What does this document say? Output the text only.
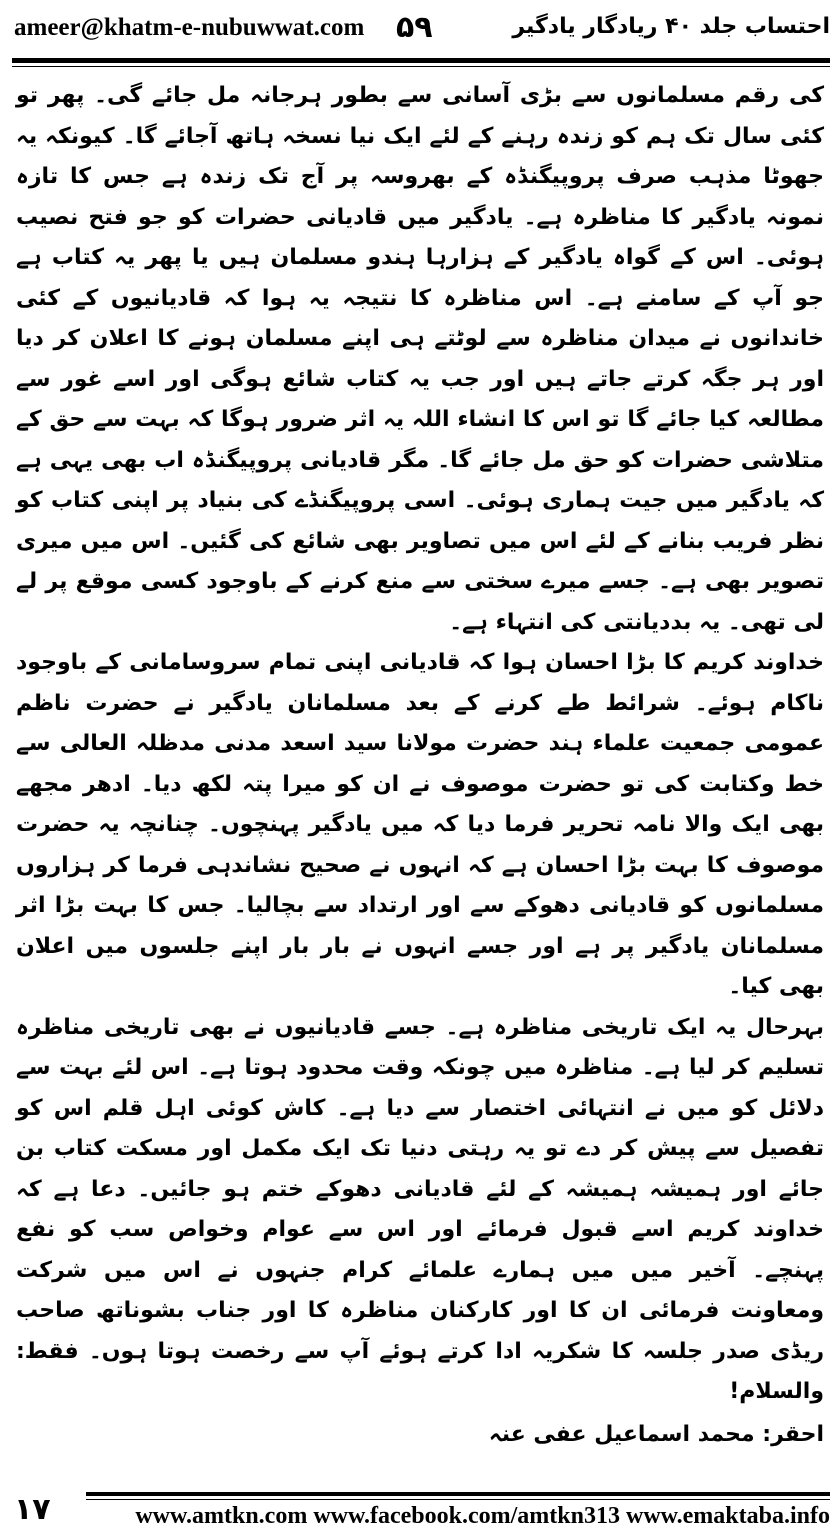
ameer@khatm-e-nubuwwat.com ۵۹	احتساب جلد ۴۰ ریادگار یادگیر

کی رقم مسلمانوں سے بڑی آسانی سے بطور ہرجانہ مل جائے گی۔ پھر تو کئی سال تک ہم کو زندہ رہنے کے لئے ایک نیا نسخہ ہاتھ آجائے گا۔ کیونکہ یہ جھوٹا مذہب صرف پروپیگنڈہ کے بھروسہ پر آج تک زندہ ہے جس کا تازہ نمونہ یادگیر کا مناظرہ ہے۔ یادگیر میں قادیانی حضرات کو جو فتح نصیب ہوئی۔ اس کے گواہ یادگیر کے ہزارہا ہندو مسلمان ہیں یا پھر یہ کتاب ہے جو آپ کے سامنے ہے۔ اس مناظرہ کا نتیجہ یہ ہوا کہ قادیانیوں کے کئی خاندانوں نے میدان مناظرہ سے لوٹتے ہی اپنے مسلمان ہونے کا اعلان کر دیا اور ہر جگہ کرتے جاتے ہیں اور جب یہ کتاب شائع ہوگی اور اسے غور سے مطالعہ کیا جائے گا تو اس کا انشاء اللہ یہ اثر ضرور ہوگا کہ بہت سے حق کے متلاشی حضرات کو حق مل جائے گا۔ مگر قادیانی پروپیگنڈہ اب بھی یہی ہے کہ یادگیر میں جیت ہماری ہوئی۔ اسی پروپیگنڈے کی بنیاد پر اپنی کتاب کو نظر فریب بنانے کے لئے اس میں تصاویر بھی شائع کی گئیں۔ اس میں میری تصویر بھی ہے۔ جسے میرے سختی سے منع کرنے کے باوجود کسی موقع پر لے لی تھی۔ یہ بددیانتی کی انتہاء ہے۔

خداوند کریم کا بڑا احسان ہوا کہ قادیانی اپنی تمام سروسامانی کے باوجود ناکام ہوئے۔ شرائط طے کرنے کے بعد مسلمانان یادگیر نے حضرت ناظم عمومی جمعیت علماء ہند حضرت مولانا سید اسعد مدنی مدظلہ العالی سے خط وکتابت کی تو حضرت موصوف نے ان کو میرا پتہ لکھ دیا۔ ادھر مجھے بھی ایک والا نامہ تحریر فرما دیا کہ میں یادگیر پہنچوں۔ چنانچہ یہ حضرت موصوف کا بہت بڑا احسان ہے کہ انہوں نے صحیح نشاندہی فرما کر ہزاروں مسلمانوں کو قادیانی دھوکے سے اور ارتداد سے بچالیا۔ جس کا بہت بڑا اثر مسلمانان یادگیر پر ہے اور جسے انہوں نے بار بار اپنے جلسوں میں اعلان بھی کیا۔

بہرحال یہ ایک تاریخی مناظرہ ہے۔ جسے قادیانیوں نے بھی تاریخی مناظرہ تسلیم کر لیا ہے۔ مناظرہ میں چونکہ وقت محدود ہوتا ہے۔ اس لئے بہت سے دلائل کو میں نے انتہائی اختصار سے دیا ہے۔ کاش کوئی اہل قلم اس کو تفصیل سے پیش کر دے تو یہ رہتی دنیا تک ایک مکمل اور مسکت کتاب بن جائے اور ہمیشہ ہمیشہ کے لئے قادیانی دھوکے ختم ہو جائیں۔ دعا ہے کہ خداوند کریم اسے قبول فرمائے اور اس سے عوام وخواص سب کو نفع پہنچے۔ آخیر میں میں ہمارے علمائے کرام جنہوں نے اس میں شرکت ومعاونت فرمائی ان کا اور کارکنان مناظرہ کا اور جناب بشوناتھ صاحب ریڈی صدر جلسہ کا شکریہ ادا کرتے ہوئے آپ سے رخصت ہوتا ہوں۔ فقط: والسلام!

احقر: محمد اسماعیل عفی عنہ

۱۷	www.amtkn.com www.facebook.com/amtkn313 www.emaktaba.info
